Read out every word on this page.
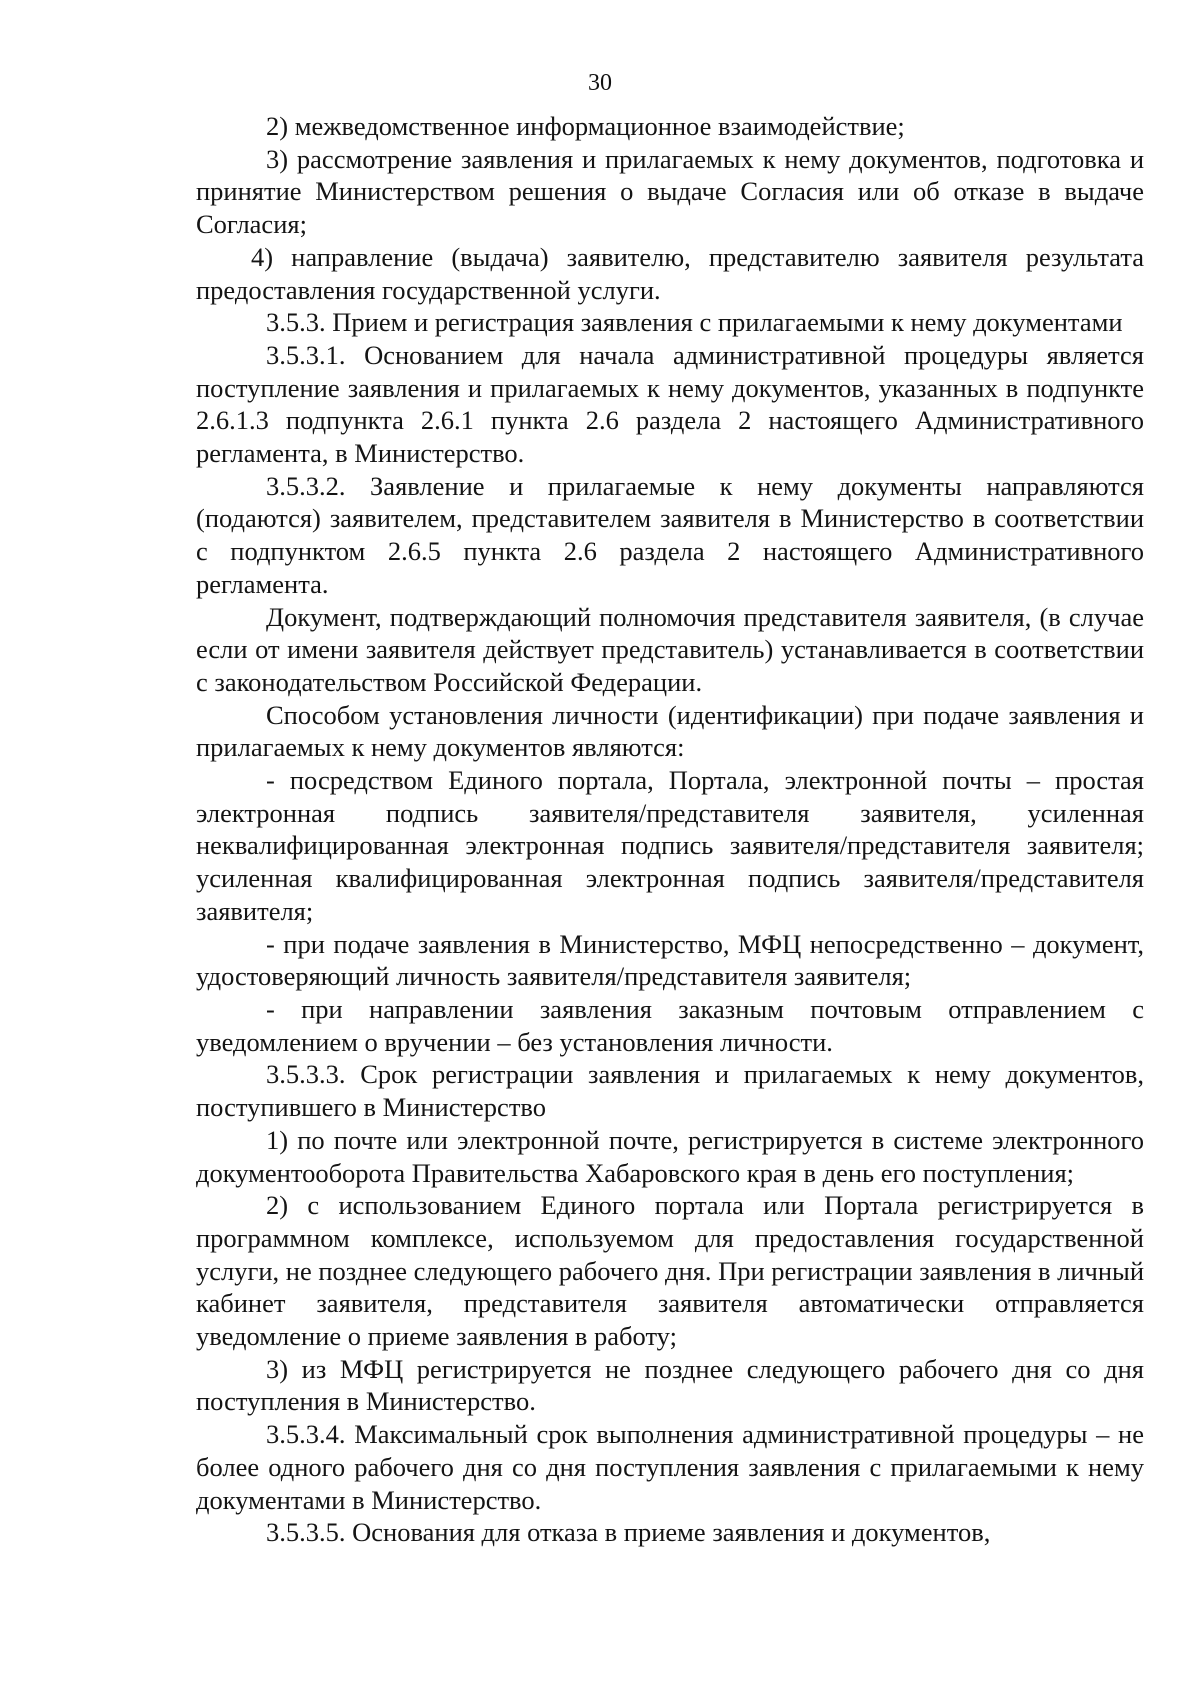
30

2) межведомственное информационное взаимодействие;

3) рассмотрение заявления и прилагаемых к нему документов, подготовка и принятие Министерством решения о выдаче Согласия или об отказе в выдаче Согласия;

4) направление (выдача) заявителю, представителю заявителя результата предоставления государственной услуги.

3.5.3. Прием и регистрация заявления с прилагаемыми к нему документами

3.5.3.1. Основанием для начала административной процедуры является поступление заявления и прилагаемых к нему документов, указанных в подпункте 2.6.1.3 подпункта 2.6.1 пункта 2.6 раздела 2 настоящего Административного регламента, в Министерство.

3.5.3.2. Заявление и прилагаемые к нему документы направляются (подаются) заявителем, представителем заявителя в Министерство в соответствии с подпунктом 2.6.5 пункта 2.6 раздела 2 настоящего Административного регламента.

Документ, подтверждающий полномочия представителя заявителя, (в случае если от имени заявителя действует представитель) устанавливается в соответствии с законодательством Российской Федерации.

Способом установления личности (идентификации) при подаче заявления и прилагаемых к нему документов являются:

- посредством Единого портала, Портала, электронной почты – простая электронная подпись заявителя/представителя заявителя, усиленная неквалифицированная электронная подпись заявителя/представителя заявителя; усиленная квалифицированная электронная подпись заявителя/представителя заявителя;

- при подаче заявления в Министерство, МФЦ непосредственно – документ, удостоверяющий личность заявителя/представителя заявителя;

- при направлении заявления заказным почтовым отправлением с уведомлением о вручении – без установления личности.

3.5.3.3. Срок регистрации заявления и прилагаемых к нему документов, поступившего в Министерство

1) по почте или электронной почте, регистрируется в системе электронного документооборота Правительства Хабаровского края в день его поступления;

2) с использованием Единого портала или Портала регистрируется в программном комплексе, используемом для предоставления государственной услуги, не позднее следующего рабочего дня. При регистрации заявления в личный кабинет заявителя, представителя заявителя автоматически отправляется уведомление о приеме заявления в работу;

3) из МФЦ регистрируется не позднее следующего рабочего дня со дня поступления в Министерство.

3.5.3.4. Максимальный срок выполнения административной процедуры – не более одного рабочего дня со дня поступления заявления с прилагаемыми к нему документами в Министерство.

3.5.3.5. Основания для отказа в приеме заявления и документов,
